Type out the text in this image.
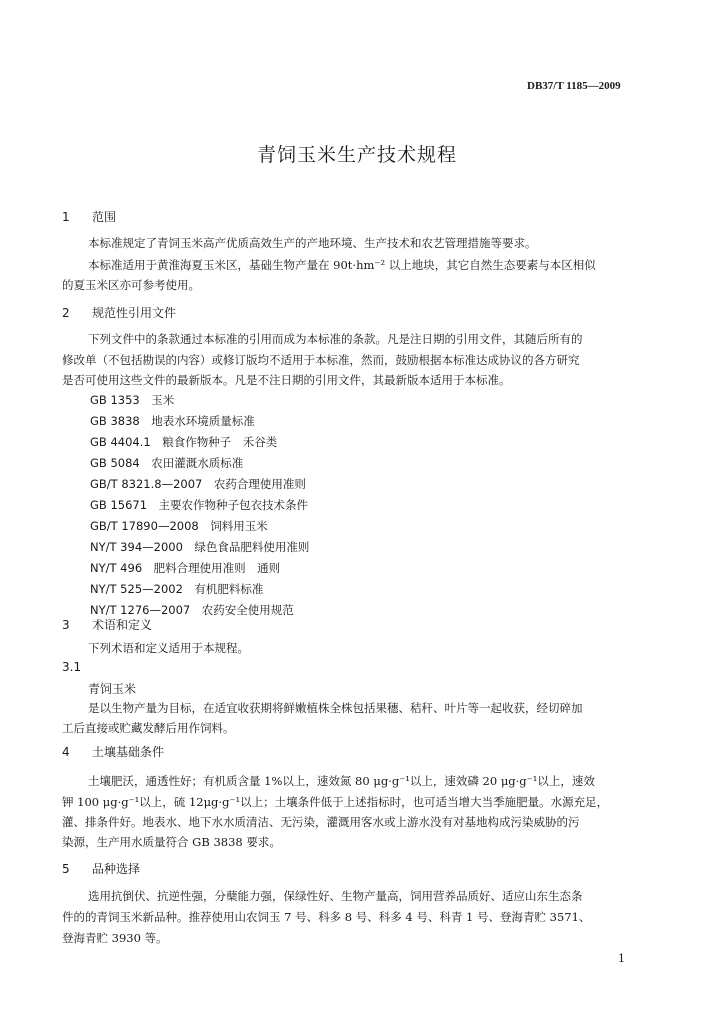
DB37/T 1185—2009
青饲玉米生产技术规程
1 范围
本标准规定了青饲玉米高产优质高效生产的产地环境、生产技术和农艺管理措施等要求。
本标准适用于黄淮海夏玉米区，基础生物产量在 90t·hm⁻² 以上地块，其它自然生态要素与本区相似
的夏玉米区亦可参考使用。
2 规范性引用文件
下列文件中的条款通过本标准的引用而成为本标准的条款。凡是注日期的引用文件，其随后所有的
修改单（不包括勘误的内容）或修订版均不适用于本标准，然而，鼓励根据本标准达成协议的各方研究
是否可使用这些文件的最新版本。凡是不注日期的引用文件，其最新版本适用于本标准。
GB 1353　玉米
GB 3838　地表水环境质量标准
GB 4404.1　粮食作物种子　禾谷类
GB 5084　农田灌溉水质标准
GB/T 8321.8—2007　农药合理使用准则
GB 15671　主要农作物种子包衣技术条件
GB/T 17890—2008　饲料用玉米
NY/T 394—2000　绿色食品肥料使用准则
NY/T 496　肥料合理使用准则　通则
NY/T 525—2002　有机肥料标准
NY/T 1276—2007　农药安全使用规范
3 术语和定义
下列术语和定义适用于本规程。
3.1
青饲玉米
是以生物产量为目标，在适宜收获期将鲜嫩植株全株包括果穗、秸秆、叶片等一起收获，经切碎加
工后直接或贮藏发酵后用作饲料。
4 土壤基础条件
土壤肥沃，通透性好；有机质含量 1%以上，速效氮 80 μg·g⁻¹以上，速效磷 20 μg·g⁻¹以上，速效
钾 100 μg·g⁻¹以上，硫 12μg·g⁻¹以上；土壤条件低于上述指标时，也可适当增大当季施肥量。水源充足，
灌、排条件好。地表水、地下水水质清洁、无污染，灌溉用客水或上游水没有对基地构成污染威胁的污
染源，生产用水质量符合 GB 3838 要求。
5 品种选择
选用抗倒伏、抗逆性强，分蘖能力强，保绿性好、生物产量高，饲用营养品质好、适应山东生态条
件的的青饲玉米新品种。推荐使用山农饲玉 7 号、科多 8 号、科多 4 号、科青 1 号、登海青贮 3571、
登海青贮 3930 等。
1
